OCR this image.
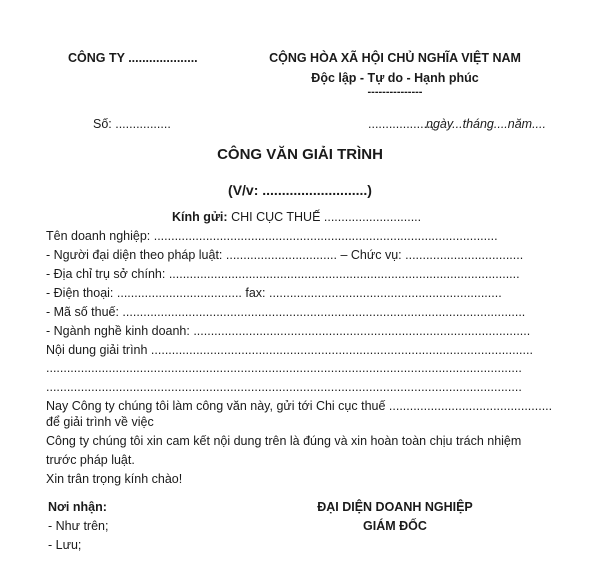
CÔNG TY ....................	CỘNG HÒA XÃ HỘI CHỦ NGHĨA VIỆT NAM
Độc lập - Tự do - Hạnh phúc
---------------
Số: ................	..................,
ngày...tháng....năm....
CÔNG VĂN GIẢI TRÌNH
(V/v: ...........................)
Kính gửi: CHI CỤC THUẾ ............................
Tên doanh nghiệp: ...................................................................................................
- Người đại diện theo pháp luật: ................................ – Chức vụ: ..................................
- Địa chỉ trụ sở chính: .....................................................................................................
- Điện thoại: .................................... fax: ...................................................................
- Mã số thuế: ....................................................................................................................
- Ngành nghề kinh doanh: .................................................................................................
Nội dung giải trình ..............................................................................................................
.........................................................................................................................................
.........................................................................................................................................
Nay Công ty chúng tôi làm công văn này, gửi tới Chi cục thuế ...............................................
để giải trình về việc
Công ty chúng tôi xin cam kết nội dung trên là đúng và xin hoàn toàn chịu trách nhiệm
trước pháp luật.
Xin trân trọng kính chào!
Nơi nhận:
- Như trên;
- Lưu;
ĐẠI DIỆN DOANH NGHIỆP
GIÁM ĐỐC
